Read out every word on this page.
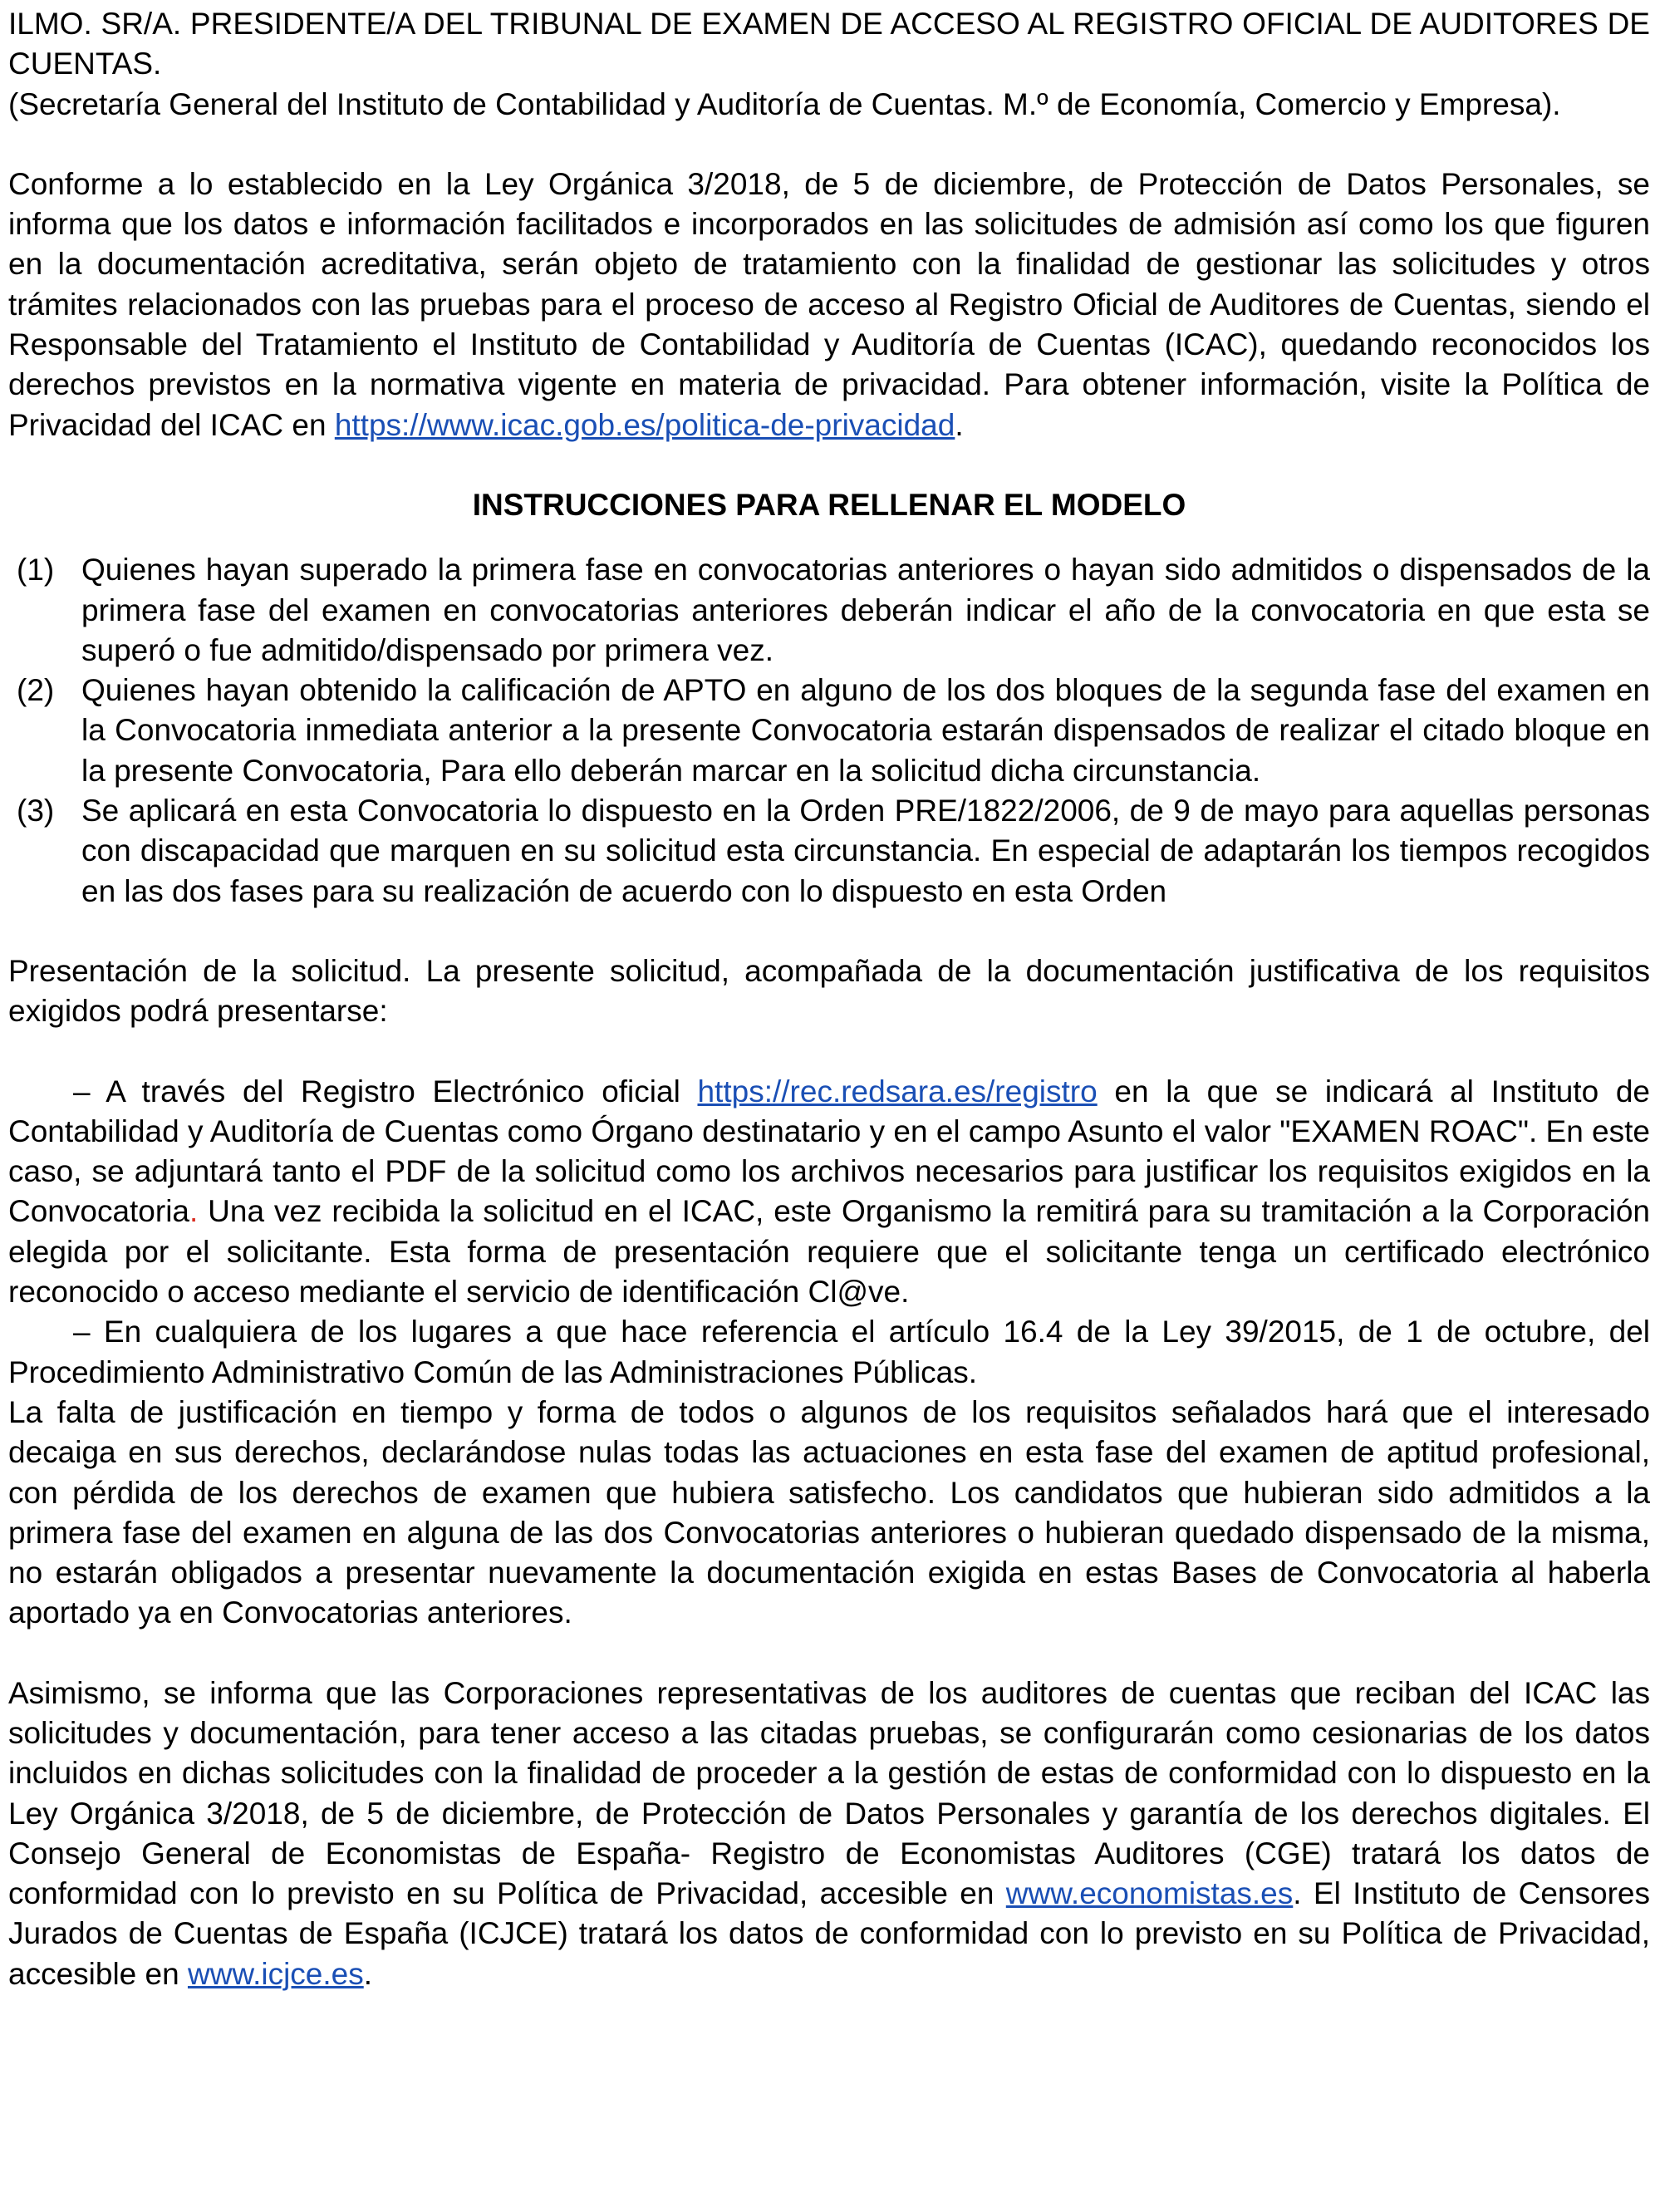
ILMO. SR/A. PRESIDENTE/A DEL TRIBUNAL DE EXAMEN DE ACCESO AL REGISTRO OFICIAL DE AUDITORES DE CUENTAS.

(Secretaría General del Instituto de Contabilidad y Auditoría de Cuentas. M.º de Economía, Comercio y Empresa).

Conforme a lo establecido en la Ley Orgánica 3/2018, de 5 de diciembre, de Protección de Datos Personales, se informa que los datos e información facilitados e incorporados en las solicitudes de admisión así como los que figuren en la documentación acreditativa, serán objeto de tratamiento con la finalidad de gestionar las solicitudes y otros trámites relacionados con las pruebas para el proceso de acceso al Registro Oficial de Auditores de Cuentas, siendo el Responsable del Tratamiento el Instituto de Contabilidad y Auditoría de Cuentas (ICAC), quedando reconocidos los derechos previstos en la normativa vigente en materia de privacidad. Para obtener información, visite la Política de Privacidad del ICAC en https://www.icac.gob.es/politica-de-privacidad.

INSTRUCCIONES PARA RELLENAR EL MODELO

(1) Quienes hayan superado la primera fase en convocatorias anteriores o hayan sido admitidos o dispensados de la primera fase del examen en convocatorias anteriores deberán indicar el año de la convocatoria en que esta se superó o fue admitido/dispensado por primera vez.
(2) Quienes hayan obtenido la calificación de APTO en alguno de los dos bloques de la segunda fase del examen en la Convocatoria inmediata anterior a la presente Convocatoria estarán dispensados de realizar el citado bloque en la presente Convocatoria, Para ello deberán marcar en la solicitud dicha circunstancia.
(3) Se aplicará en esta Convocatoria lo dispuesto en la Orden PRE/1822/2006, de 9 de mayo para aquellas personas con discapacidad que marquen en su solicitud esta circunstancia. En especial de adaptarán los tiempos recogidos en las dos fases para su realización de acuerdo con lo dispuesto en esta Orden

Presentación de la solicitud. La presente solicitud, acompañada de la documentación justificativa de los requisitos exigidos podrá presentarse:

– A través del Registro Electrónico oficial https://rec.redsara.es/registro en la que se indicará al Instituto de Contabilidad y Auditoría de Cuentas como Órgano destinatario y en el campo Asunto el valor "EXAMEN ROAC". En este caso, se adjuntará tanto el PDF de la solicitud como los archivos necesarios para justificar los requisitos exigidos en la Convocatoria. Una vez recibida la solicitud en el ICAC, este Organismo la remitirá para su tramitación a la Corporación elegida por el solicitante. Esta forma de presentación requiere que el solicitante tenga un certificado electrónico reconocido o acceso mediante el servicio de identificación Cl@ve.

– En cualquiera de los lugares a que hace referencia el artículo 16.4 de la Ley 39/2015, de 1 de octubre, del Procedimiento Administrativo Común de las Administraciones Públicas.

La falta de justificación en tiempo y forma de todos o algunos de los requisitos señalados hará que el interesado decaiga en sus derechos, declarándose nulas todas las actuaciones en esta fase del examen de aptitud profesional, con pérdida de los derechos de examen que hubiera satisfecho. Los candidatos que hubieran sido admitidos a la primera fase del examen en alguna de las dos Convocatorias anteriores o hubieran quedado dispensado de la misma, no estarán obligados a presentar nuevamente la documentación exigida en estas Bases de Convocatoria al haberla aportado ya en Convocatorias anteriores.

Asimismo, se informa que las Corporaciones representativas de los auditores de cuentas que reciban del ICAC las solicitudes y documentación, para tener acceso a las citadas pruebas, se configurarán como cesionarias de los datos incluidos en dichas solicitudes con la finalidad de proceder a la gestión de estas de conformidad con lo dispuesto en la Ley Orgánica 3/2018, de 5 de diciembre, de Protección de Datos Personales y garantía de los derechos digitales. El Consejo General de Economistas de España- Registro de Economistas Auditores (CGE) tratará los datos de conformidad con lo previsto en su Política de Privacidad, accesible en www.economistas.es. El Instituto de Censores Jurados de Cuentas de España (ICJCE) tratará los datos de conformidad con lo previsto en su Política de Privacidad, accesible en www.icjce.es.
